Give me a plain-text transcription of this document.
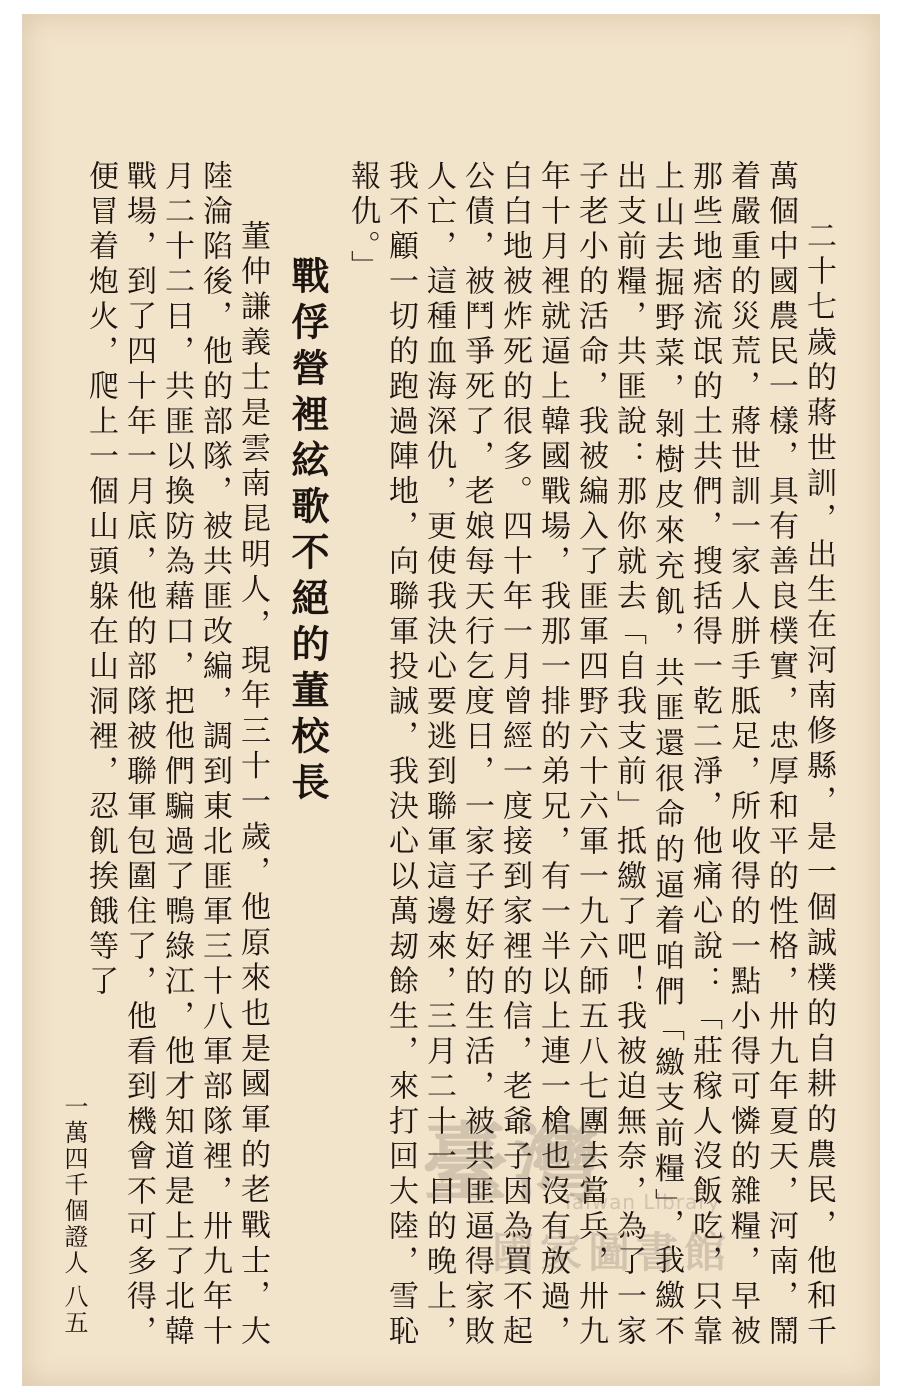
二十七歲的蔣世訓，出生在河南修縣，是一個誠樸的自耕的農民，他和千萬個中國農民一樣，具有善良樸實，忠厚和平的性格，卅九年夏天，河南，鬧着嚴重的災荒，蔣世訓一家人胼手胝足，所收得的一點小得可憐的雜糧，早被那些地痞流氓的土共們，搜括得一乾二淨，他痛心說：「莊稼人沒飯吃，只靠上山去掘野菜，剝樹皮來充飢，共匪還很命的逼着咱們「繳支前糧」，我繳不出支前糧，共匪說：那你就去「自我支前」抵繳了吧！我被迫無奈，為了一家子老小的活命，我被編入了匪軍四野六十六軍一九六師五八七團去當兵，卅九年十月裡就逼上韓國戰場，我那一排的弟兄，有一半以上連一槍也沒有放過，白白地被炸死的很多。四十年一月曾經一度接到家裡的信，老爺子因為買不起公債，被鬥爭死了，老娘每天行乞度日，一家子好好的生活，被共匪逼得家敗人亡，這種血海深仇，更使我決心要逃到聯軍這邊來，三月二十一日的晚上，我不顧一切的跑過陣地，向聯軍投誠，我決心以萬刼餘生，來打回大陸，雪恥報仇。」

戰俘營裡絃歌不絕的董校長

董仲謙義士是雲南昆明人，現年三十一歲，他原來也是國軍的老戰士，大陸淪陷後，他的部隊，被共匪改編，調到東北匪軍三十八軍部隊裡，卅九年十月二十二日，共匪以換防為藉口，把他們騙過了鴨綠江，他才知道是上了北韓戰場，到了四十年一月底，他的部隊被聯軍包圍住了，他看到機會不可多得，便冒着炮火，爬上一個山頭躲在山洞裡，忍飢挨餓等了

一萬四千個證人
八五
臺灣
Taiwan Library
國家圖書館
